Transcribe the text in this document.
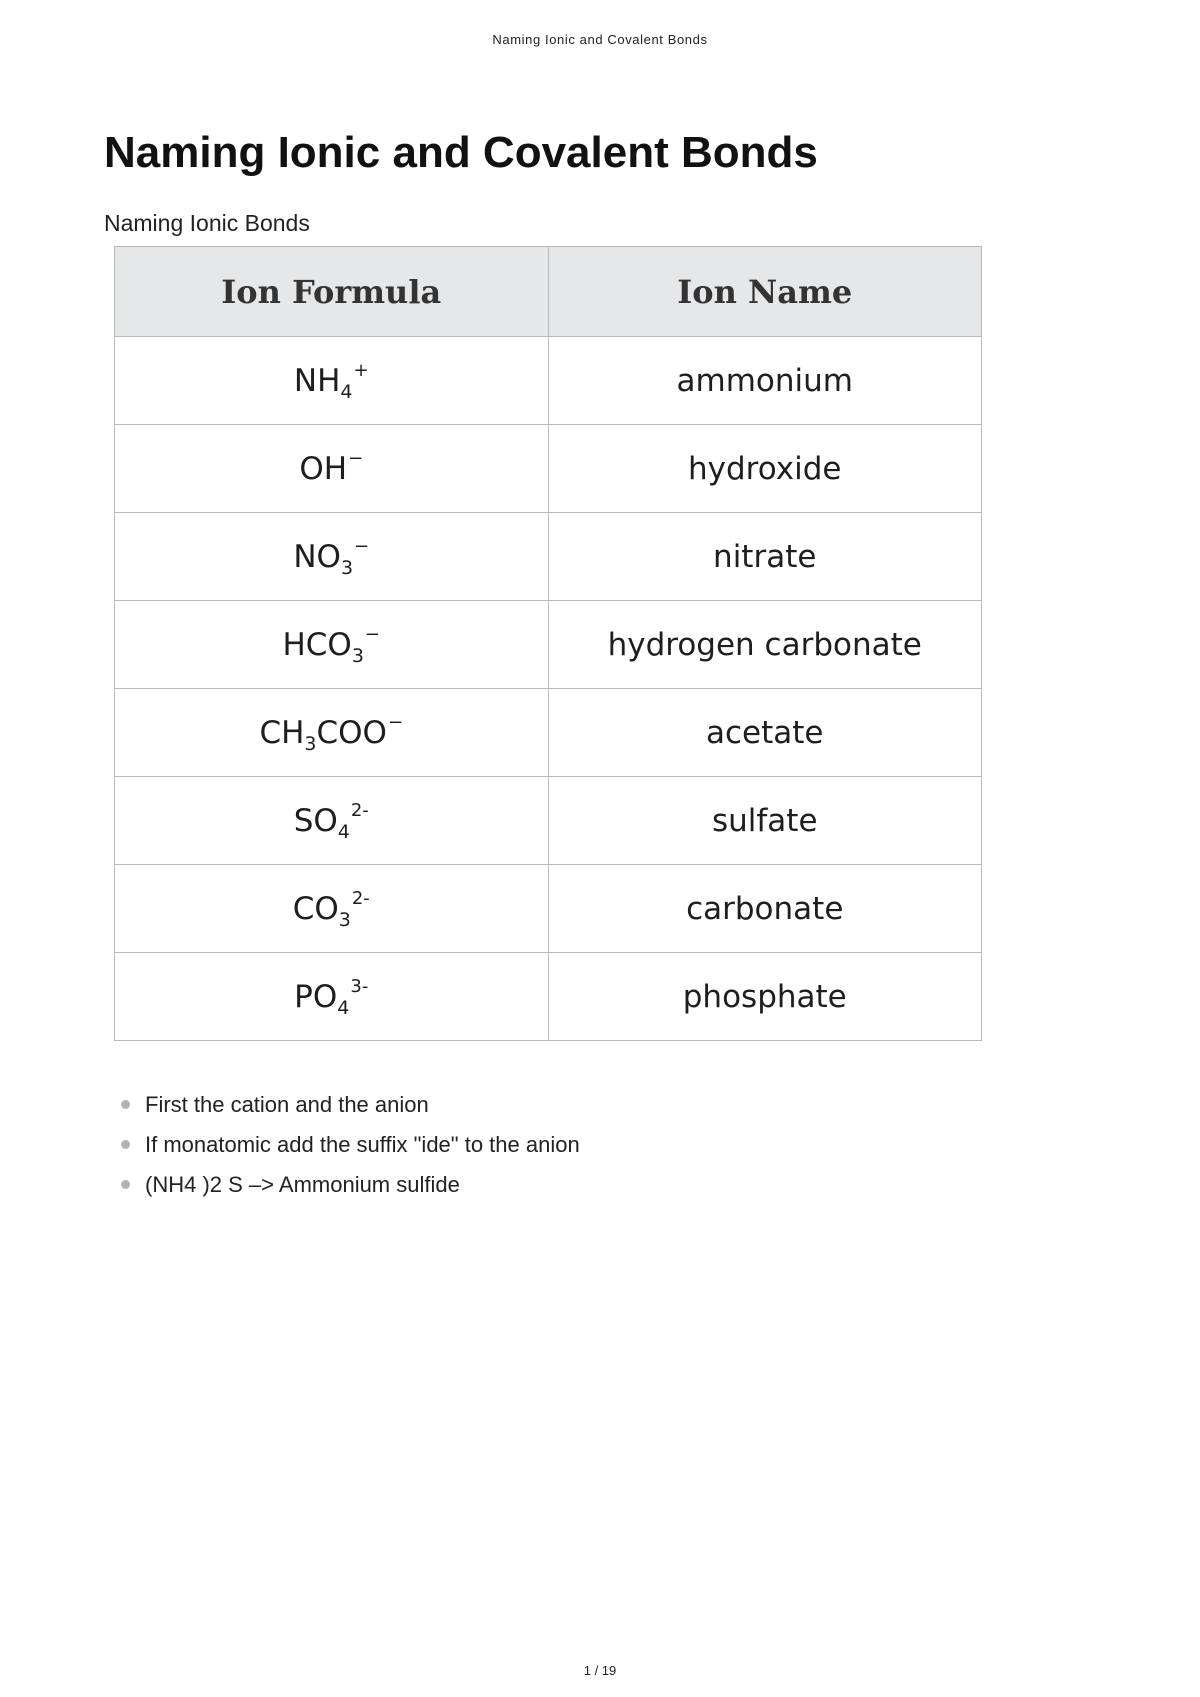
Naming Ionic and Covalent Bonds
Naming Ionic and Covalent Bonds
Naming Ionic Bonds
Ion Formula	Ion Name
$NH_4^+$	ammonium
OH−	hydroxide
$NO_3^-$	nitrate
$HCO_3^-$	hydrogen carbonate
$CH_3COO^-$	acetate
$SO_4^{2-}$	sulfate
$CO_3^{2-}$	carbonate
$PO_4^{3-}$	phosphate
First the cation and the anion
If monatomic add the suffix "ide" to the anion
(NH4 )2 S –> Ammonium sulfide
1 / 19
